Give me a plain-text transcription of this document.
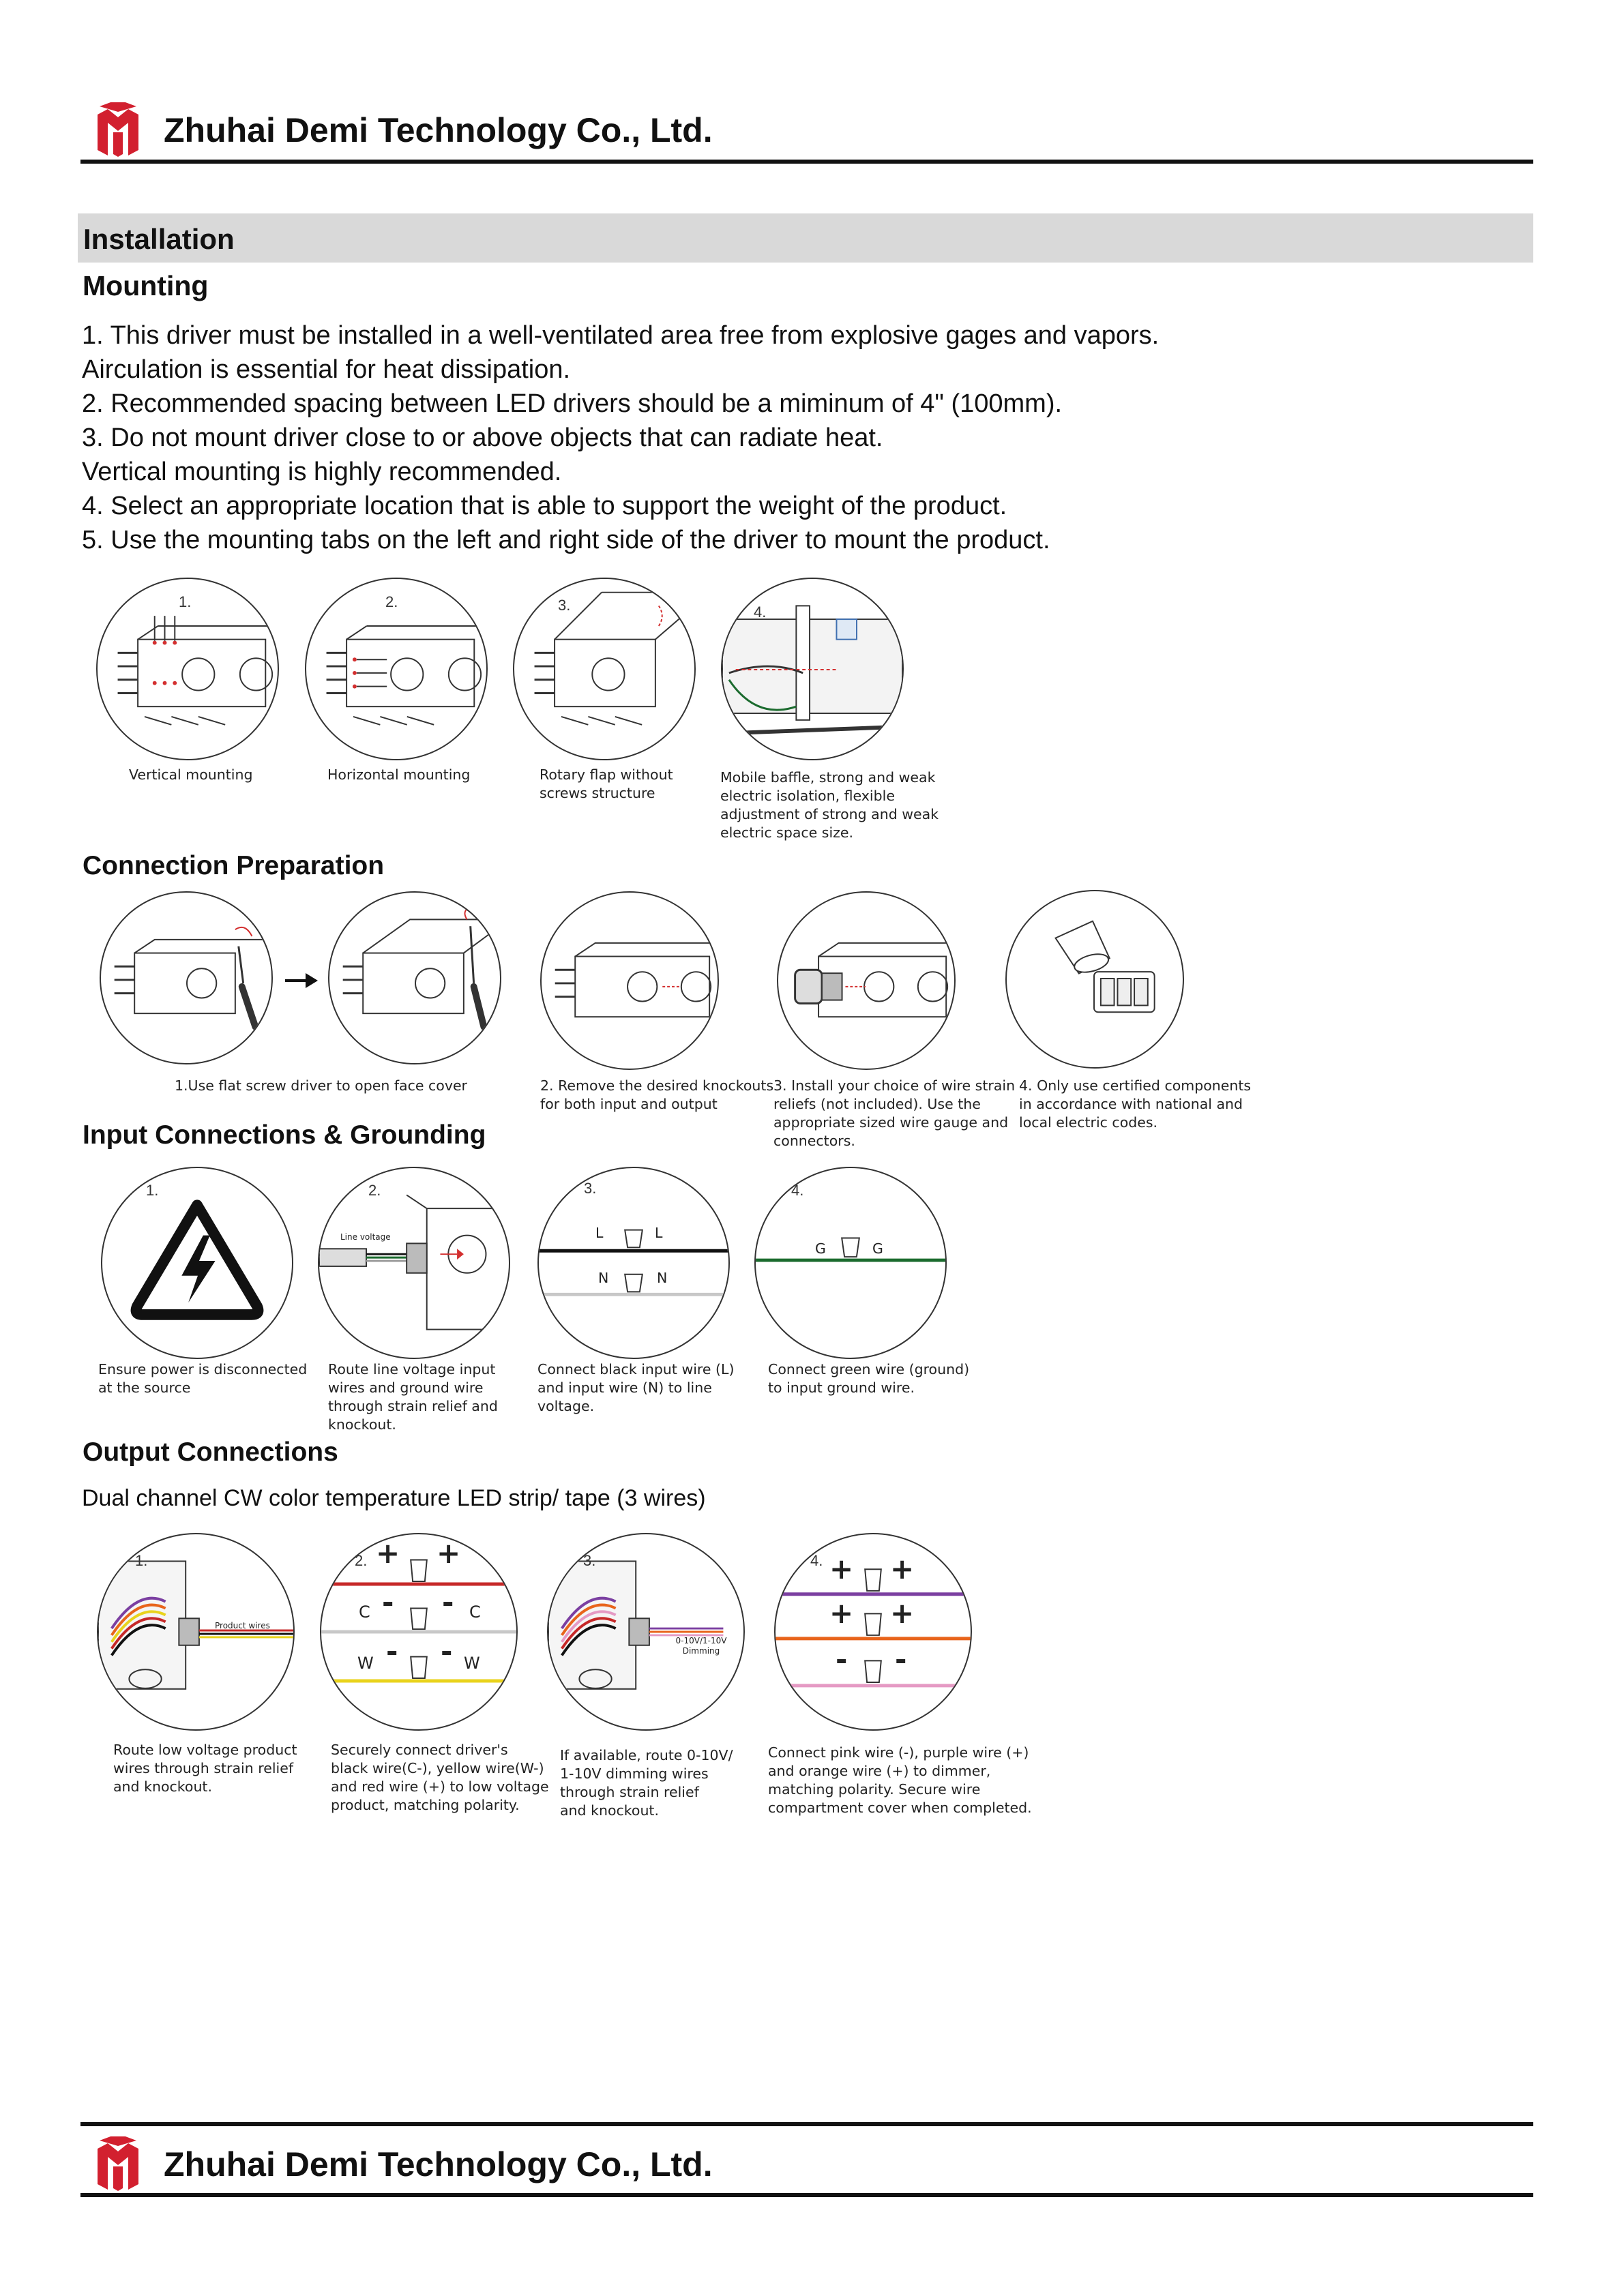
Zhuhai Demi Technology Co., Ltd.
Installation
Mounting
1. This driver must be installed in a well-ventilated area free from explosive gages and vapors.
Airculation is essential for heat dissipation.
2. Recommended spacing between LED drivers should be a miminum of 4" (100mm).
3. Do not mount driver close to or above objects that can radiate heat.
Vertical mounting is highly recommended.
4. Select an appropriate location that is able to support the weight of the product.
5. Use the mounting tabs on the left and right side of the driver to mount the product.
1.	2.	3.	4.
Vertical mounting	Horizontal mounting	Rotary flap without
screws structure
Mobile baffle, strong and weak
electric isolation, flexible
adjustment of strong and weak
electric space size.
Connection Preparation
1.Use flat screw driver to open face cover	2. Remove the desired knockouts
for both input and output
3. Install your choice of wire strain
reliefs (not included). Use the
appropriate sized wire gauge and
connectors.
4. Only use certified components
in accordance with national and
local electric codes.
Input Connections & Grounding
1.	2.
Line voltage
3.
L	L
N	N
4.
G	G
Ensure power is disconnected
at the source
Route line voltage input
wires and ground wire
through strain relief and
knockout.
Connect black input wire (L)
and input wire (N) to line
voltage.
Connect green wire (ground)
to input ground wire.
Output Connections
Dual channel CW color temperature LED strip/ tape (3 wires)
1.
Product wires
2. + +
C - - C
W - - W
3.
0-10V/1-10V Dimming
4. + +
+ +
- -
Route low voltage product
wires through strain relief
and knockout.
Securely connect driver's
black wire(C-), yellow wire(W-)
and red wire (+) to low voltage
product, matching polarity.
If available, route 0-10V/
1-10V dimming wires
through strain relief
and knockout.
Connect pink wire (-), purple wire (+)
and orange wire (+) to dimmer,
matching polarity. Secure wire
compartment cover when completed.
Zhuhai Demi Technology Co., Ltd.
